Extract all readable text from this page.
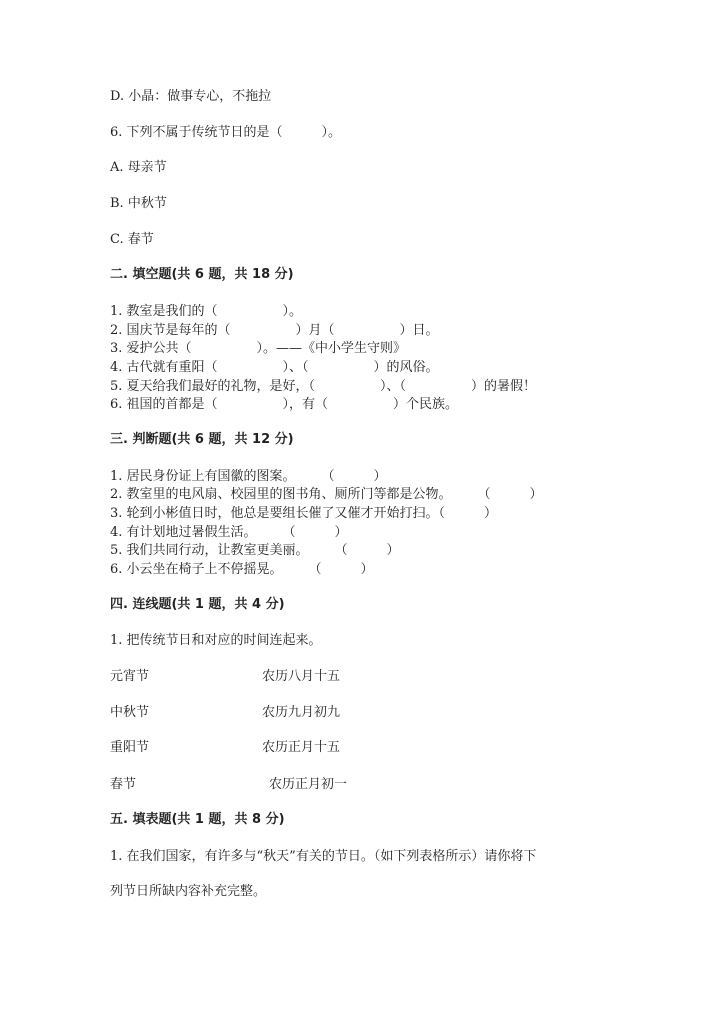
D. 小晶：做事专心，不拖拉
6. 下列不属于传统节日的是（　　　）。
A. 母亲节
B. 中秋节
C. 春节
二. 填空题(共 6 题，共 18 分)
1. 教室是我们的（　　　　　）。
2. 国庆节是每年的（　　　　　）月（　　　　　）日。
3. 爱护公共（　　　　　）。——《中小学生守则》
4. 古代就有重阳（　　　　　）、（　　　　　）的风俗。
5. 夏天给我们最好的礼物，是好，（　　　　　）、（　　　　　）的暑假！
6. 祖国的首都是（　　　　　），有（　　　　　）个民族。
三. 判断题(共 6 题，共 12 分)
1. 居民身份证上有国徽的图案。　　　（　　　）
2. 教室里的电风扇、校园里的图书角、厕所门等都是公物。　　　（　　　）
3. 轮到小彬值日时，他总是要组长催了又催才开始打扫。（　　　）
4. 有计划地过暑假生活。　　　（　　　）
5. 我们共同行动，让教室更美丽。　　　（　　　）
6. 小云坐在椅子上不停摇晃。　　　（　　　）
四. 连线题(共 1 题，共 4 分)
1. 把传统节日和对应的时间连起来。
元宵节	农历八月十五
中秋节	农历九月初九
重阳节	农历正月十五
春节	农历正月初一
五. 填表题(共 1 题，共 8 分)
1. 在我们国家，有许多与“秋天”有关的节日。（如下列表格所示）请你将下
列节日所缺内容补充完整。
